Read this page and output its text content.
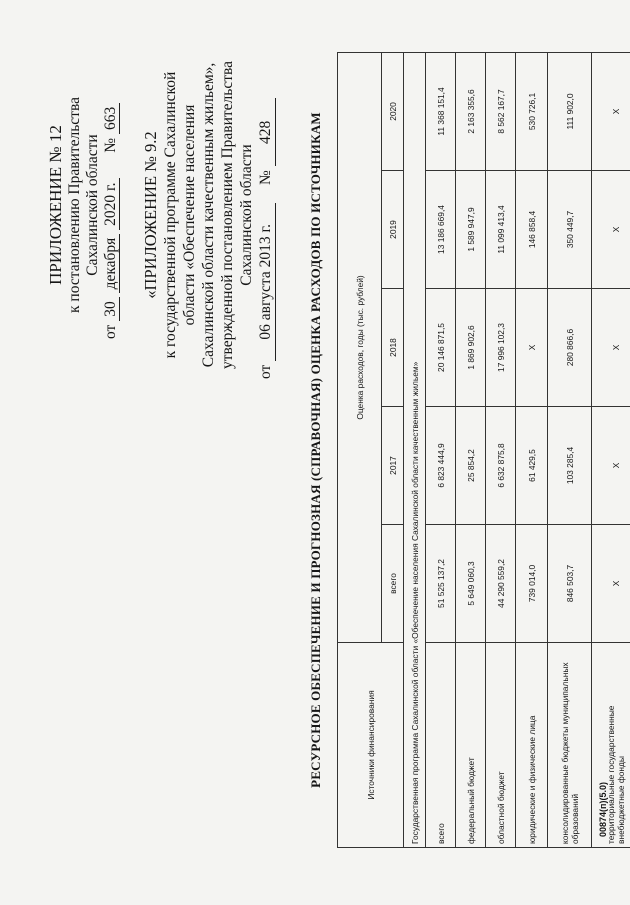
ПРИЛОЖЕНИЕ № 12 к постановлению Правительства Сахалинской области
от 30 декабря 2020 г.  № 663
«ПРИЛОЖЕНИЕ № 9.2 к государственной программе Сахалинской области «Обеспечение населения Сахалинской области качественным жильем», утвержденной постановлением Правительства Сахалинской области
от 06 августа 2013 г.  № 428	РЕСУРСНОЕ ОБЕСПЕЧЕНИЕ И ПРОГНОЗНАЯ (СПРАВОЧНАЯ) ОЦЕНКА РАСХОДОВ ПО ИСТОЧНИКАМ	Источники финансирования	Оценка расходов, годы (тыс. рублей)				
	всего	2017	2018	2019	2020
Государственная программа Сахалинской области «Обеспечение населения Сахалинской области качественным жильем»					
всего	51 525 137,2	6 823 444,9	20 146 871,5	13 186 669,4	11 368 151,4
федеральный бюджет	5 649 060,3	25 854,2	1 869 902,6	1 589 947,9	2 163 355,6
областной бюджет	44 290 559,2	6 632 875,8	17 996 102,3	11 099 413,4	8 562 167,7
юридические и физические лица	739 014,0	61 429,5	Х	146 858,4	530 726,1
консолидированные бюджеты муниципальных образований	846 503,7	103 285,4	280 866,6	350 449,7	111 902,0
территориальные государственные внебюджетные фонды	Х	Х	Х	Х	Х
00874(п)(5.0)
